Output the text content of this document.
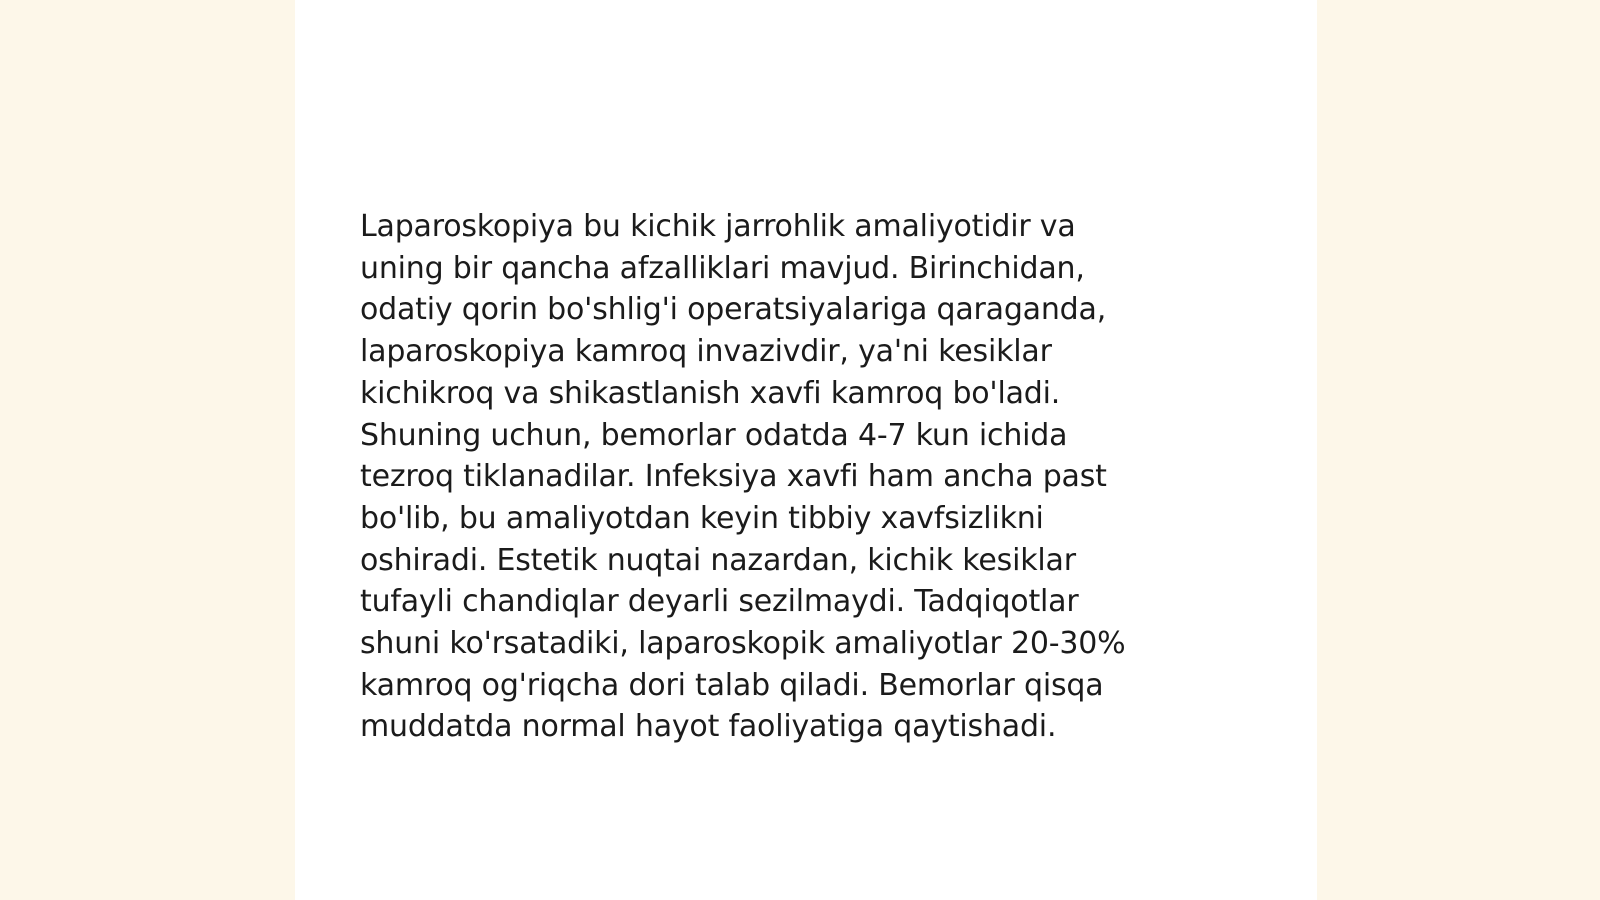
Laparoskopiya bu kichik jarrohlik amaliyotidir va
uning bir qancha afzalliklari mavjud. Birinchidan,
odatiy qorin bo'shlig'i operatsiyalariga qaraganda,
laparoskopiya kamroq invazivdir, ya'ni kesiklar
kichikroq va shikastlanish xavfi kamroq bo'ladi.
Shuning uchun, bemorlar odatda 4-7 kun ichida
tezroq tiklanadilar. Infeksiya xavfi ham ancha past
bo'lib, bu amaliyotdan keyin tibbiy xavfsizlikni
oshiradi. Estetik nuqtai nazardan, kichik kesiklar
tufayli chandiqlar deyarli sezilmaydi. Tadqiqotlar
shuni ko'rsatadiki, laparoskopik amaliyotlar 20-30%
kamroq og'riqcha dori talab qiladi. Bemorlar qisqa
muddatda normal hayot faoliyatiga qaytishadi.
